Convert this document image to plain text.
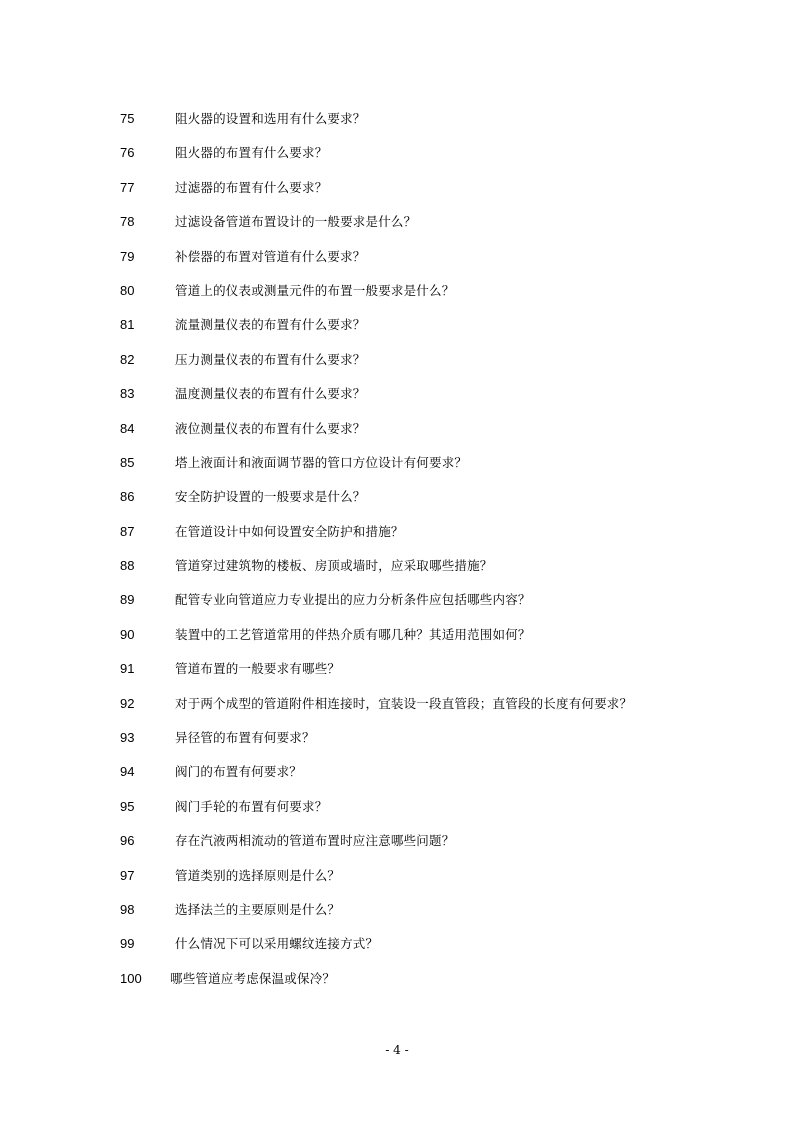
75	阻火器的设置和选用有什么要求？
76	阻火器的布置有什么要求？
77	过滤器的布置有什么要求？
78	过滤设备管道布置设计的一般要求是什么？
79	补偿器的布置对管道有什么要求？
80	管道上的仪表或测量元件的布置一般要求是什么？
81	流量测量仪表的布置有什么要求？
82	压力测量仪表的布置有什么要求？
83	温度测量仪表的布置有什么要求？
84	液位测量仪表的布置有什么要求？
85	塔上液面计和液面调节器的管口方位设计有何要求？
86	安全防护设置的一般要求是什么？
87	在管道设计中如何设置安全防护和措施？
88	管道穿过建筑物的楼板、房顶或墙时，应采取哪些措施？
89	配管专业向管道应力专业提出的应力分析条件应包括哪些内容？
90	装置中的工艺管道常用的伴热介质有哪几种？其适用范围如何？
91	管道布置的一般要求有哪些？
92	对于两个成型的管道附件相连接时，宜装设一段直管段；直管段的长度有何要求？
93	异径管的布置有何要求？
94	阀门的布置有何要求？
95	阀门手轮的布置有何要求？
96	存在汽液两相流动的管道布置时应注意哪些问题？
97	管道类别的选择原则是什么？
98	选择法兰的主要原则是什么？
99	什么情况下可以采用螺纹连接方式？
100 哪些管道应考虑保温或保冷？
- 4 -
